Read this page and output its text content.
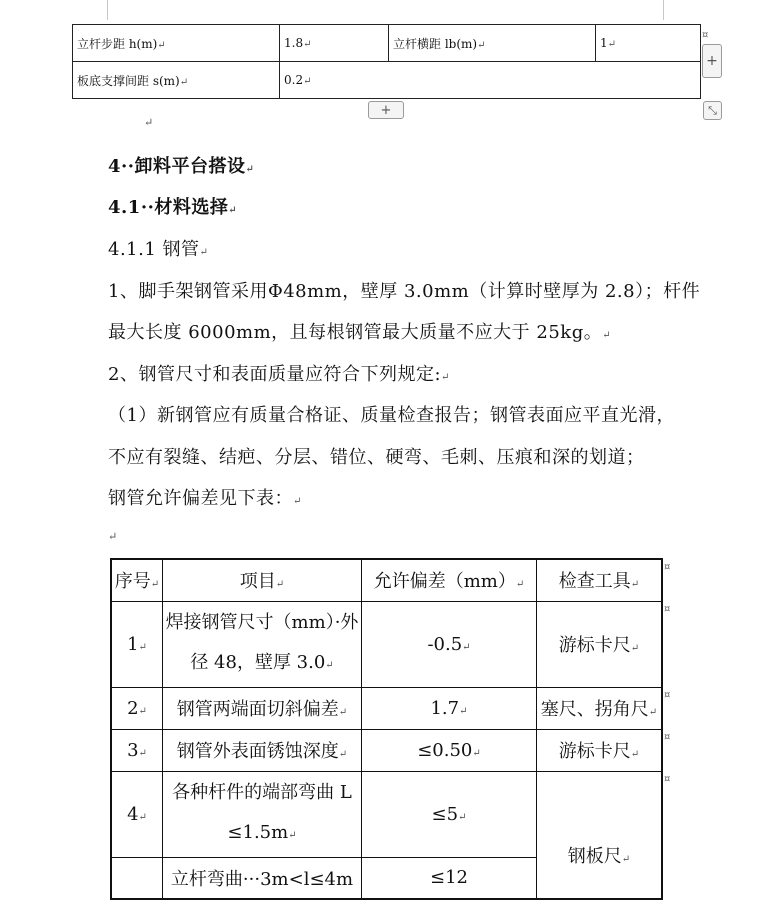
立杆步距 h(m)↵	1.8↵	立杆横距 lb(m)↵	1↵
板底支撑间距 s(m)↵	0.2↵		
+
+	⤡
¤
↵
4··卸料平台搭设↵
4.1··材料选择↵
4.1.1 钢管↵
1、脚手架钢管采用Φ48mm，壁厚 3.0mm（计算时壁厚为 2.8）；杆件
最大长度 6000mm，且每根钢管最大质量不应大于 25kg。↵
2、钢管尺寸和表面质量应符合下列规定:↵
（1）新钢管应有质量合格证、质量检查报告；钢管表面应平直光滑，
不应有裂缝、结疤、分层、错位、硬弯、毛刺、压痕和深的划道；
钢管允许偏差见下表：↵
↵
序号↵	项目↵	允许偏差（mm）↵	检查工具↵
1↵	焊接钢管尺寸（mm）·外
径 48，壁厚 3.0↵	-0.5↵	游标卡尺↵
2↵	钢管两端面切斜偏差↵	1.7↵	塞尺、拐角尺↵
3↵	钢管外表面锈蚀深度↵	≤0.50↵	游标卡尺↵
4↵	各种杆件的端部弯曲 L
≤1.5m↵	≤5↵	钢板尺↵
	立杆弯曲···3m<l≤4m	≤12	
¤
¤
¤
¤
¤
